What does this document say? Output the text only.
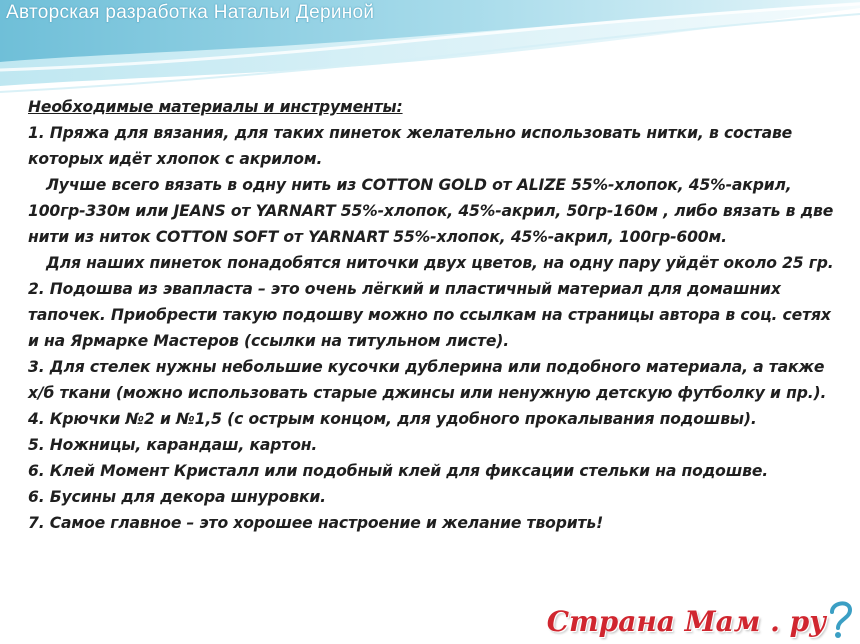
Авторская разработка Натальи Дериной

Необходимые материалы и инструменты:

1. Пряжа для вязания, для таких пинеток желательно использовать нитки, в составе которых идёт хлопок с акрилом.

Лучше всего вязать в одну нить из COTTON GOLD от ALIZE 55%-хлопок, 45%-акрил, 100гр-330м или JEANS от YARNART 55%-хлопок, 45%-акрил, 50гр-160м , либо вязать в две нити из ниток COTTON SOFT от YARNART 55%-хлопок, 45%-акрил, 100гр-600м.

Для наших пинеток понадобятся ниточки двух цветов, на одну пару уйдёт около 25 гр.

2. Подошва из эвапласта – это очень лёгкий и пластичный материал для домашних тапочек. Приобрести такую подошву можно по ссылкам на страницы автора в соц. сетях и на Ярмарке Мастеров (ссылки на титульном листе).

3. Для стелек нужны небольшие кусочки дублерина или подобного материала, а также х/б ткани (можно использовать старые джинсы или ненужную детскую футболку и пр.).

4. Крючки №2 и №1,5 (с острым концом, для удобного прокалывания подошвы).

5. Ножницы, карандаш, картон.

6. Клей Момент Кристалл или подобный клей для фиксации стельки на подошве.

6. Бусины для декора шнуровки.

7. Самое главное – это хорошее настроение и желание творить!

Страна Мам . ру
